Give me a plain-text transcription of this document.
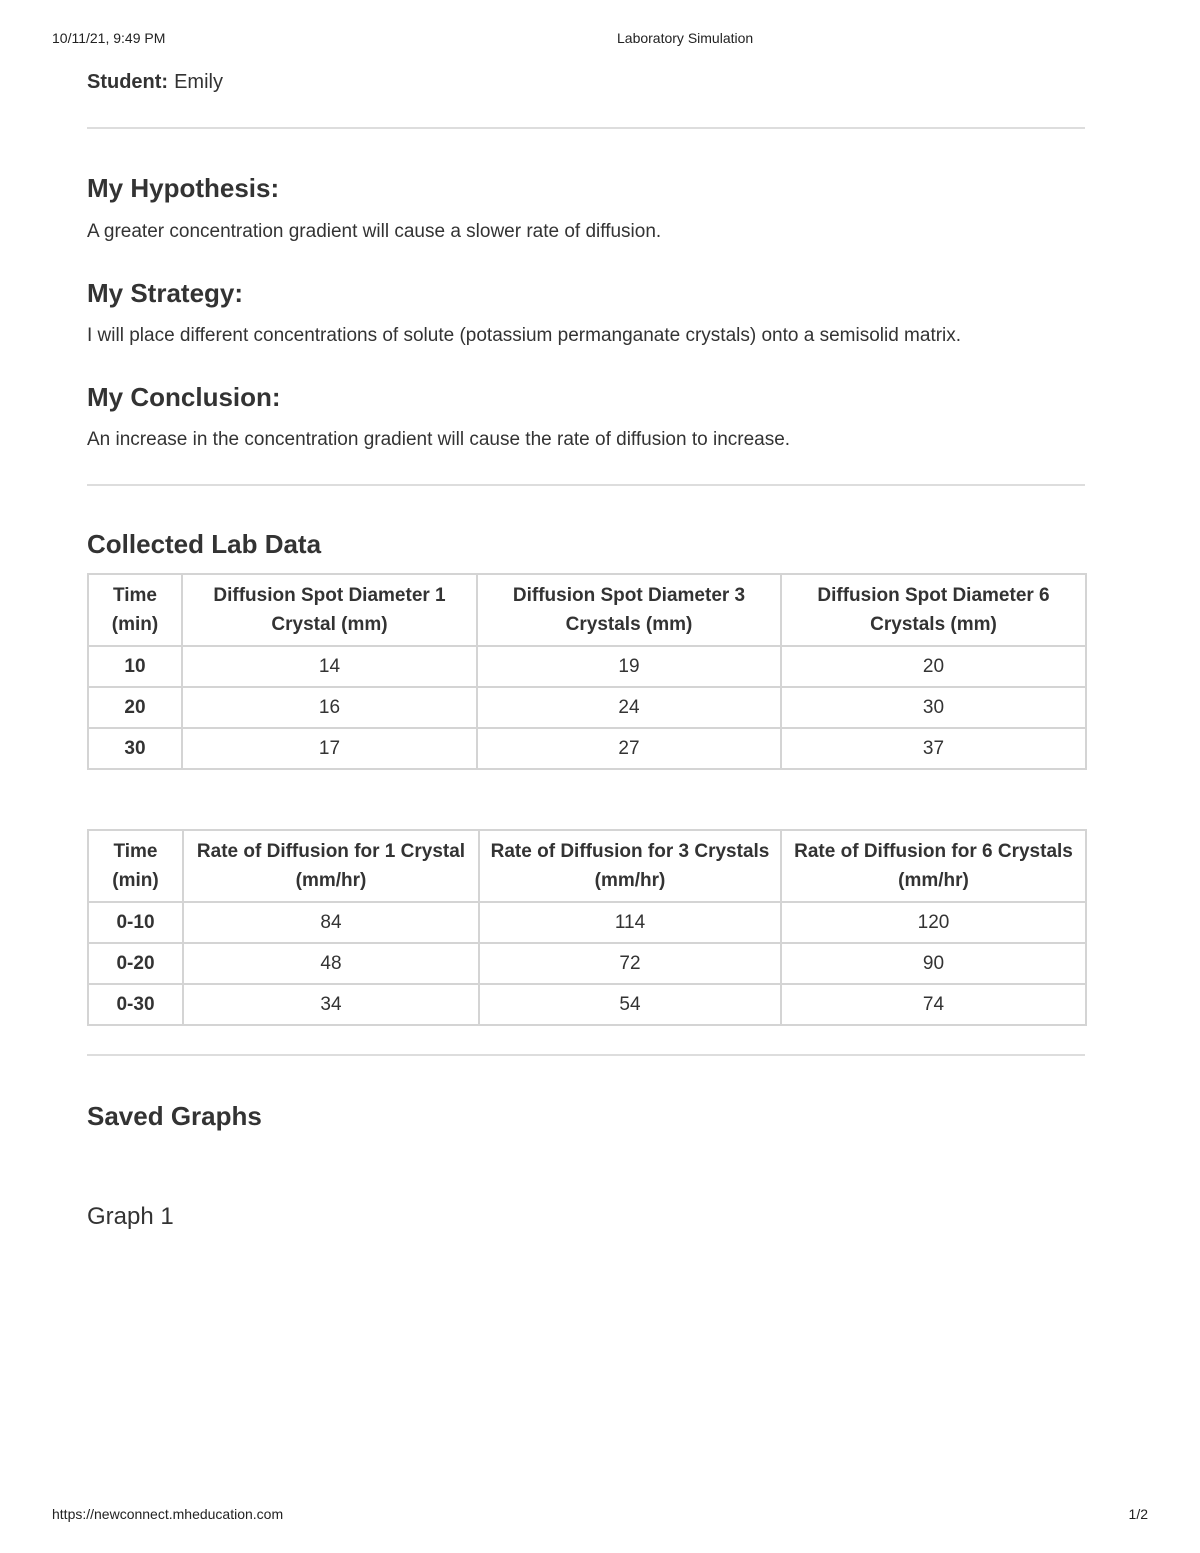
10/11/21, 9:49 PM	Laboratory Simulation
Student: Emily
My Hypothesis:

A greater concentration gradient will cause a slower rate of diffusion.

My Strategy:

I will place different concentrations of solute (potassium permanganate crystals) onto a semisolid matrix.

My Conclusion:

An increase in the concentration gradient will cause the rate of diffusion to increase.

Collected Lab Data
Time (min)	Diffusion Spot Diameter 1 Crystal (mm)	Diffusion Spot Diameter 3 Crystals (mm)	Diffusion Spot Diameter 6 Crystals (mm)
10	14	19	20
20	16	24	30
30	17	27	37
Time (min)	Rate of Diffusion for 1 Crystal (mm/hr)	Rate of Diffusion for 3 Crystals (mm/hr)	Rate of Diffusion for 6 Crystals (mm/hr)
0-10	84	114	120
0-20	48	72	90
0-30	34	54	74
Saved Graphs
Graph 1
https://newconnect.mheducation.com	1/2
